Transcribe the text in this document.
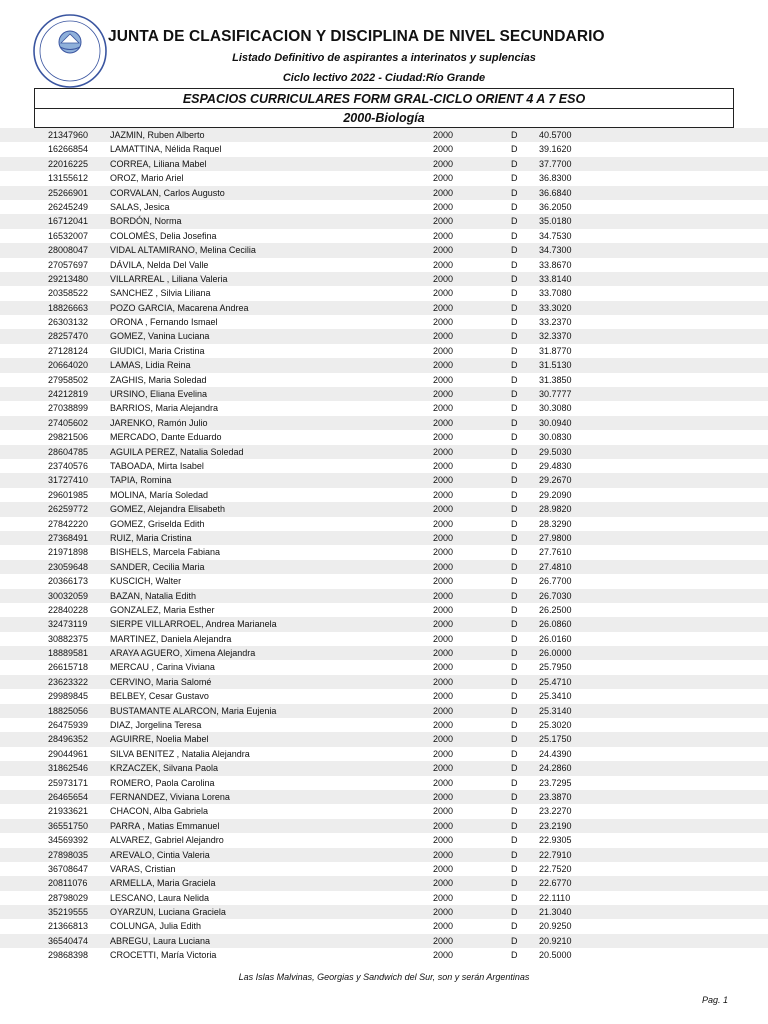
JUNTA DE CLASIFICACION Y DISCIPLINA DE NIVEL SECUNDARIO
Listado Definitivo de aspirantes a interinatos y suplencias
Ciclo lectivo 2022 - Ciudad:Río Grande
ESPACIOS CURRICULARES FORM GRAL-CICLO ORIENT 4 A 7 ESO
2000-Biología
21347960 JAZMIN, Ruben Alberto	2000	D 40.5700
16266854 LAMATTINA, Nélida Raquel	2000	D 39.1620
22016225 CORREA, Liliana Mabel	2000	D 37.7700
13155612 OROZ, Mario Ariel	2000	D 36.8300
25266901 CORVALAN, Carlos Augusto	2000	D 36.6840
26245249 SALAS, Jesica	2000	D 36.2050
16712041 BORDÓN, Norma	2000	D 35.0180
16532007 COLOMÉS, Delia Josefina	2000	D 34.7530
28008047 VIDAL ALTAMIRANO, Melina Cecilia	2000	D 34.7300
27057697 DÁVILA, Nelda Del Valle	2000	D 33.8670
29213480 VILLARREAL , Liliana Valeria	2000	D 33.8140
20358522 SANCHEZ , Silvia Liliana	2000	D 33.7080
18826663 POZO GARCIA, Macarena Andrea	2000	D 33.3020
26303132 ORONA , Fernando Ismael	2000	D 33.2370
28257470 GOMEZ, Vanina Luciana	2000	D 32.3370
27128124 GIUDICI, Maria Cristina	2000	D 31.8770
20664020 LAMAS, Lidia Reina	2000	D 31.5130
27958502 ZAGHIS, Maria Soledad	2000	D 31.3850
24212819 URSINO, Eliana Evelina	2000	D 30.7777
27038899 BARRIOS, Maria Alejandra	2000	D 30.3080
27405602 JARENKO, Ramón Julio	2000	D 30.0940
29821506 MERCADO, Dante Eduardo	2000	D 30.0830
28604785 AGUILA PEREZ, Natalia Soledad	2000	D 29.5030
23740576 TABOADA, Mirta Isabel	2000	D 29.4830
31727410 TAPIA, Romina	2000	D 29.2670
29601985 MOLINA, María Soledad	2000	D 29.2090
26259772 GOMEZ, Alejandra Elisabeth	2000	D 28.9820
27842220 GOMEZ, Griselda Edith	2000	D 28.3290
27368491 RUIZ, Maria Cristina	2000	D 27.9800
21971898 BISHELS, Marcela Fabiana	2000	D 27.7610
23059648 SANDER, Cecilia Maria	2000	D 27.4810
20366173 KUSCICH, Walter	2000	D 26.7700
30032059 BAZAN, Natalia Edith	2000	D 26.7030
22840228 GONZALEZ, Maria Esther	2000	D 26.2500
32473119	SIERPE VILLARROEL, Andrea Marianela	2000	D 26.0860
30882375 MARTINEZ, Daniela Alejandra	2000	D 26.0160
18889581 ARAYA AGUERO, Ximena Alejandra	2000	D 26.0000
26615718 MERCAU , Carina Viviana	2000	D 25.7950
23623322 CERVINO, Maria Salomé	2000	D 25.4710
29989845 BELBEY, Cesar Gustavo	2000	D 25.3410
18825056 BUSTAMANTE ALARCON, Maria Eujenia	2000	D 25.3140
26475939 DIAZ, Jorgelina Teresa	2000	D 25.3020
28496352 AGUIRRE, Noelia Mabel	2000	D 25.1750
29044961 SILVA BENITEZ , Natalia Alejandra	2000	D 24.4390
31862546 KRZACZEK, Silvana Paola	2000	D 24.2860
25973171 ROMERO, Paola Carolina	2000	D 23.7295
26465654 FERNANDEZ, Viviana Lorena	2000	D 23.3870
21933621 CHACON, Alba Gabriela	2000	D 23.2270
36551750 PARRA , Matias Emmanuel	2000	D 23.2190
34569392 ALVAREZ, Gabriel Alejandro	2000	D 22.9305
27898035 AREVALO, Cintia Valeria	2000	D 22.7910
36708647 VARAS, Cristian	2000	D 22.7520
20811076	ARMELLA, Maria Graciela	2000	D 22.6770
28798029 LESCANO, Laura Nelida	2000	D 22.1110
35219555 OYARZUN, Luciana Graciela	2000	D 21.3040
21366813 COLUNGA, Julia Edith	2000	D 20.9250
36540474 ABREGU, Laura Luciana	2000	D 20.9210
29868398 CROCETTI, María Victoria	2000	D 20.5000
Las Islas Malvinas, Georgias y Sandwich del Sur, son y serán Argentinas
Pag. 1
